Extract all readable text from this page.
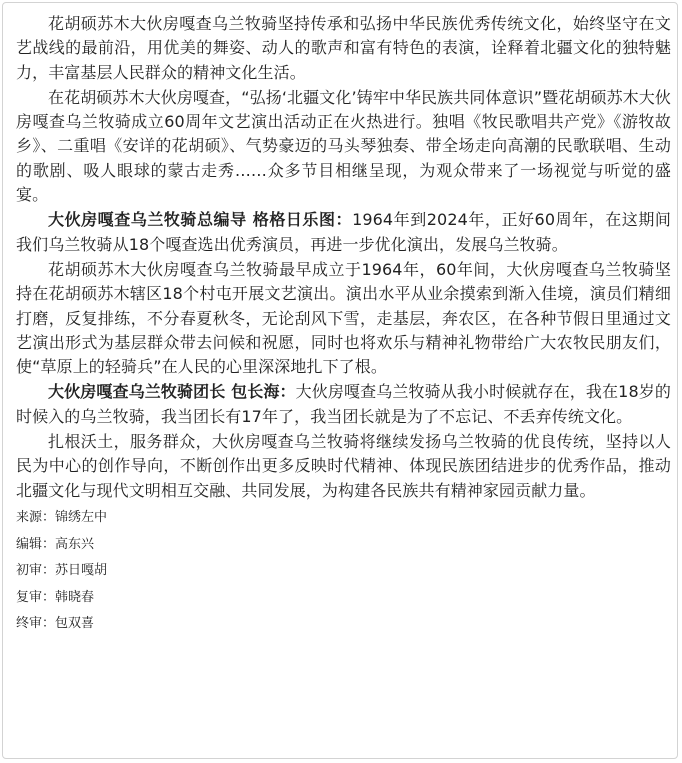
花胡硕苏木大伙房嘎查乌兰牧骑坚持传承和弘扬中华民族优秀传统文化，始终坚守在文艺战线的最前沿，用优美的舞姿、动人的歌声和富有特色的表演，诠释着北疆文化的独特魅力，丰富基层人民群众的精神文化生活。

在花胡硕苏木大伙房嘎查，“弘扬‘北疆文化’铸牢中华民族共同体意识”暨花胡硕苏木大伙房嘎查乌兰牧骑成立60周年文艺演出活动正在火热进行。独唱《牧民歌唱共产党》《游牧故乡》、二重唱《安详的花胡硕》、气势豪迈的马头琴独奏、带全场走向高潮的民歌联唱、生动的歌剧、吸人眼球的蒙古走秀……众多节目相继呈现，为观众带来了一场视觉与听觉的盛宴。

大伙房嘎查乌兰牧骑总编导 格格日乐图：1964年到2024年，正好60周年，在这期间我们乌兰牧骑从18个嘎查选出优秀演员，再进一步优化演出，发展乌兰牧骑。

花胡硕苏木大伙房嘎查乌兰牧骑最早成立于1964年，60年间，大伙房嘎查乌兰牧骑坚持在花胡硕苏木辖区18个村屯开展文艺演出。演出水平从业余摸索到渐入佳境，演员们精细打磨，反复排练，不分春夏秋冬，无论刮风下雪，走基层，奔农区，在各种节假日里通过文艺演出形式为基层群众带去问候和祝愿，同时也将欢乐与精神礼物带给广大农牧民朋友们，使“草原上的轻骑兵”在人民的心里深深地扎下了根。

大伙房嘎查乌兰牧骑团长 包长海：大伙房嘎查乌兰牧骑从我小时候就存在，我在18岁的时候入的乌兰牧骑，我当团长有17年了，我当团长就是为了不忘记、不丢弃传统文化。

扎根沃土，服务群众，大伙房嘎查乌兰牧骑将继续发扬乌兰牧骑的优良传统，坚持以人民为中心的创作导向，不断创作出更多反映时代精神、体现民族团结进步的优秀作品，推动北疆文化与现代文明相互交融、共同发展，为构建各民族共有精神家园贡献力量。

来源：锦绣左中
编辑：高东兴
初审：苏日嘎胡
复审：韩晓春
终审：包双喜
